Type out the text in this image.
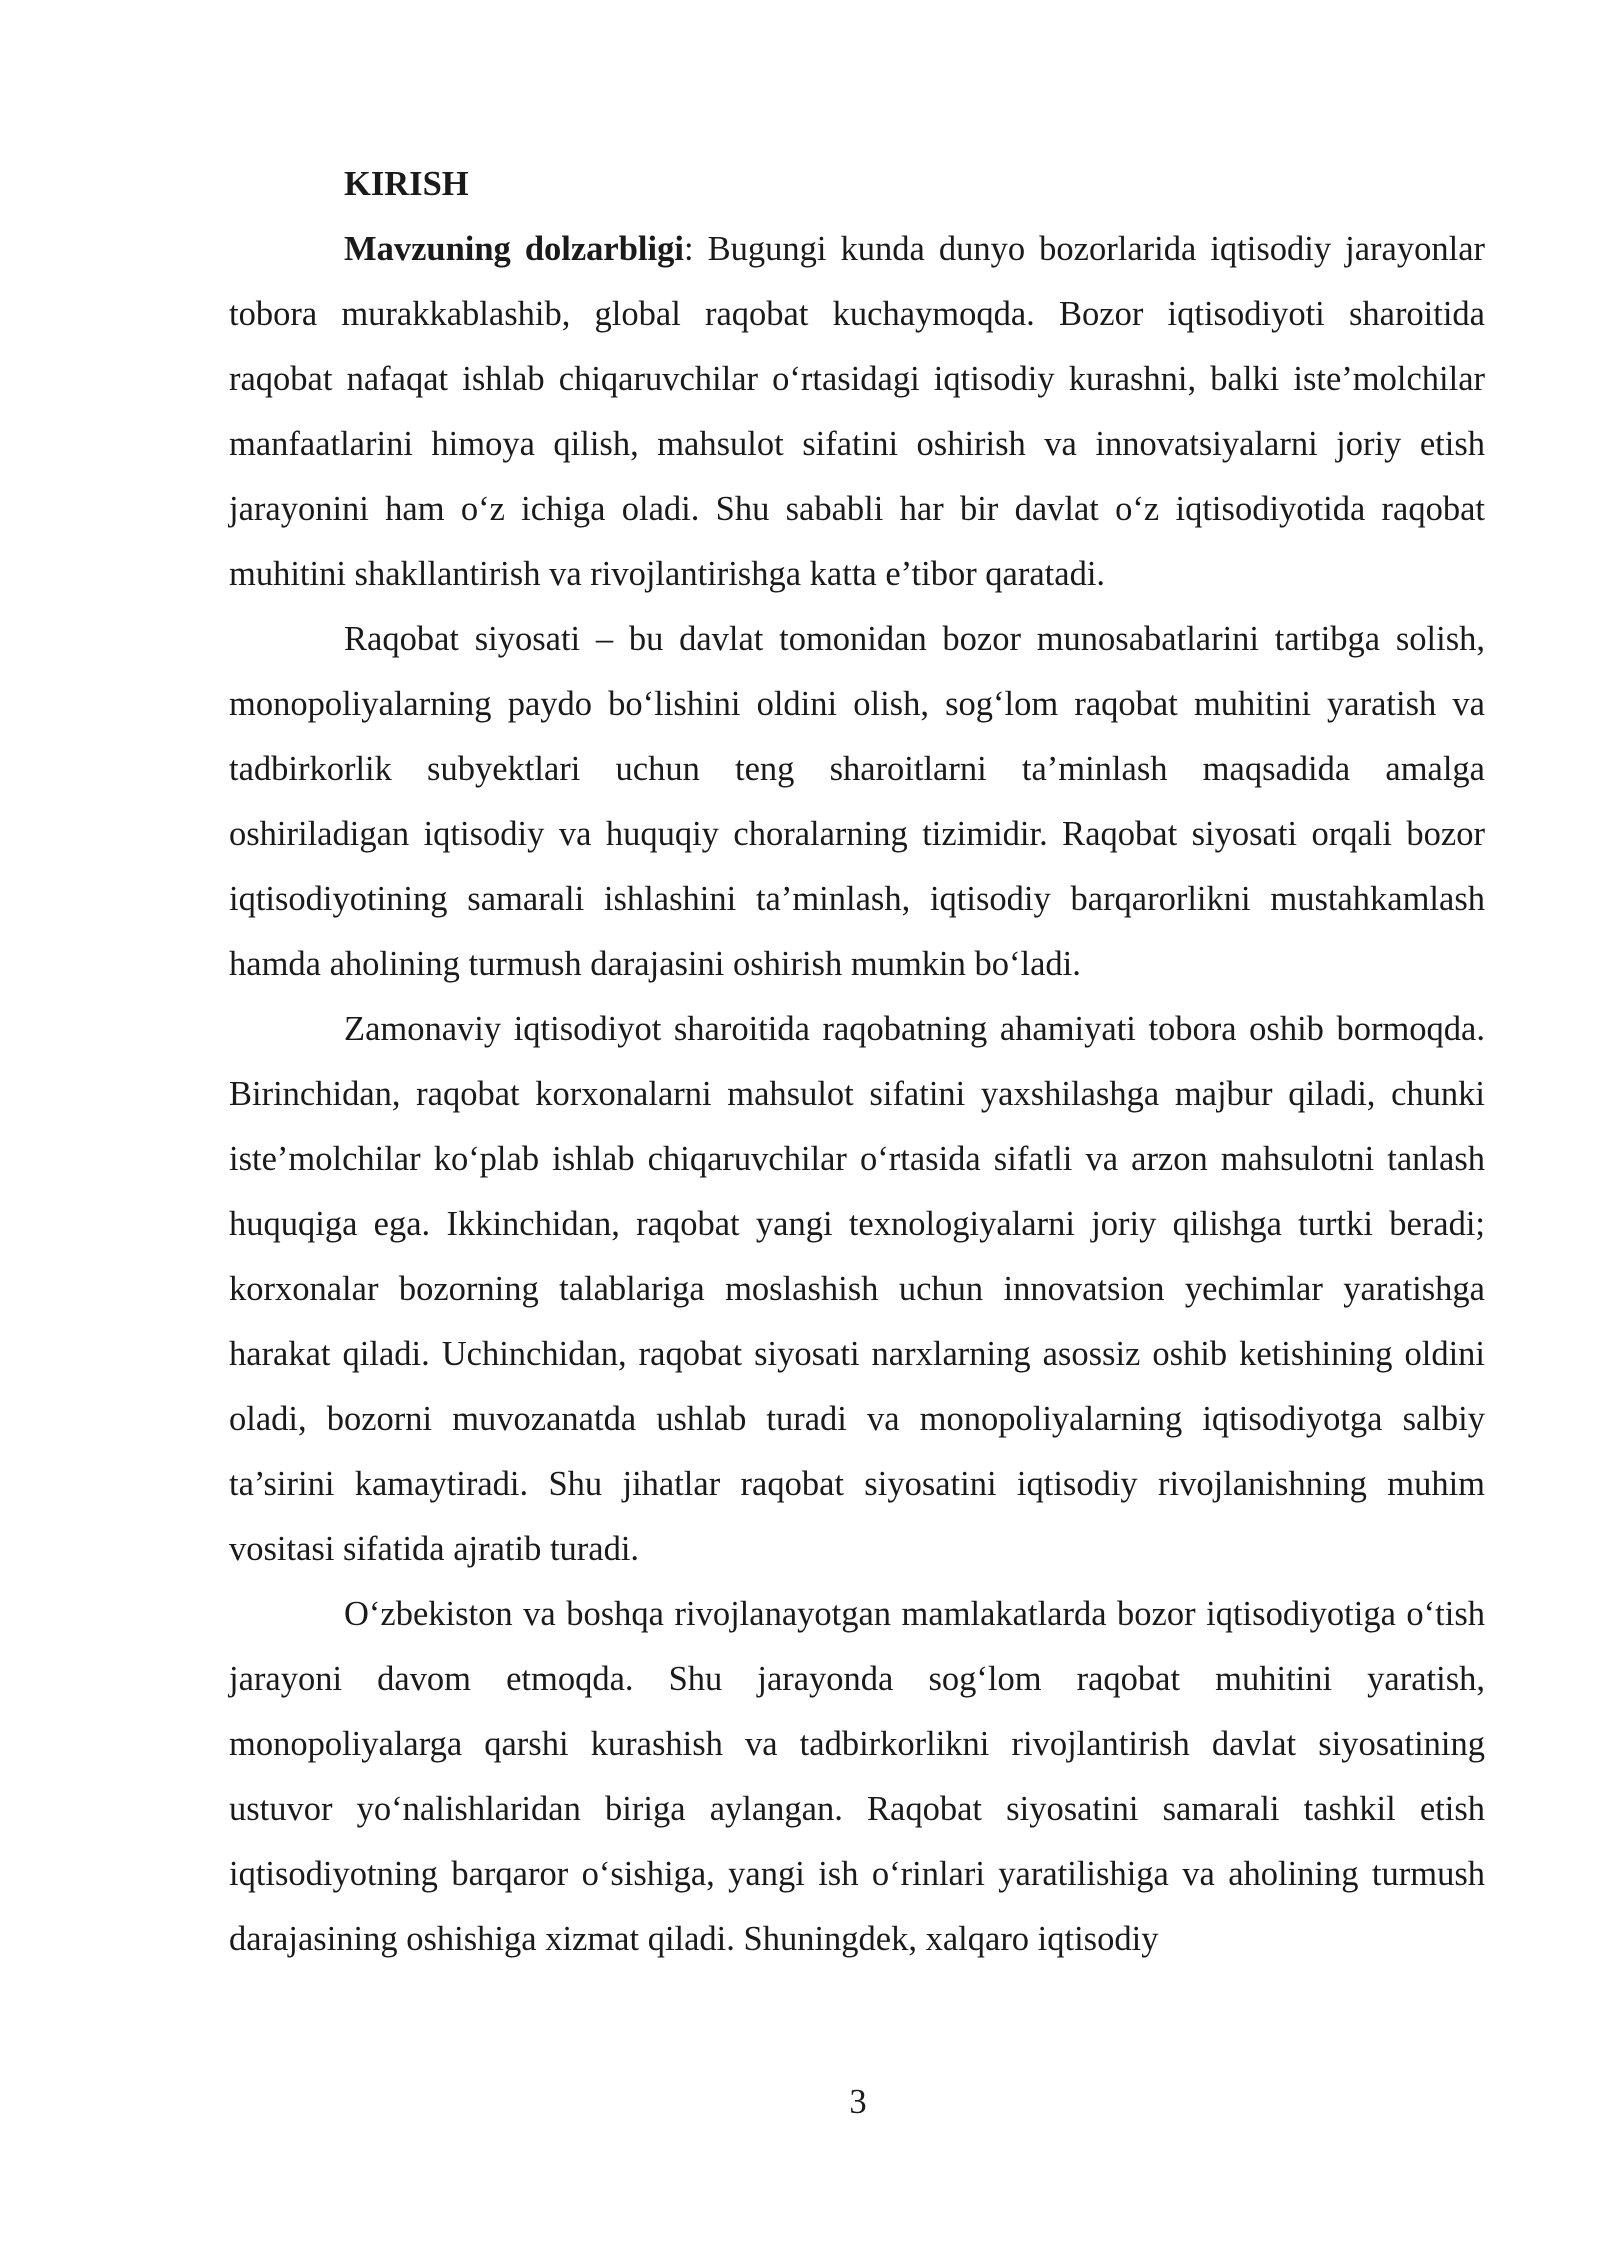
KIRISH

Mavzuning dolzarbligi: Bugungi kunda dunyo bozorlarida iqtisodiy jarayonlar tobora murakkablashib, global raqobat kuchaymoqda. Bozor iqtisodiyoti sharoitida raqobat nafaqat ishlab chiqaruvchilar o‘rtasidagi iqtisodiy kurashni, balki iste’molchilar manfaatlarini himoya qilish, mahsulot sifatini oshirish va innovatsiyalarni joriy etish jarayonini ham o‘z ichiga oladi. Shu sababli har bir davlat o‘z iqtisodiyotida raqobat muhitini shakllantirish va rivojlantirishga katta e’tibor qaratadi.

Raqobat siyosati – bu davlat tomonidan bozor munosabatlarini tartibga solish, monopoliyalarning paydo bo‘lishini oldini olish, sog‘lom raqobat muhitini yaratish va tadbirkorlik subyektlari uchun teng sharoitlarni ta’minlash maqsadida amalga oshiriladigan iqtisodiy va huquqiy choralarning tizimidir. Raqobat siyosati orqali bozor iqtisodiyotining samarali ishlashini ta’minlash, iqtisodiy barqarorlikni mustahkamlash hamda aholining turmush darajasini oshirish mumkin bo‘ladi.

Zamonaviy iqtisodiyot sharoitida raqobatning ahamiyati tobora oshib bormoqda. Birinchidan, raqobat korxonalarni mahsulot sifatini yaxshilashga majbur qiladi, chunki iste’molchilar ko‘plab ishlab chiqaruvchilar o‘rtasida sifatli va arzon mahsulotni tanlash huquqiga ega. Ikkinchidan, raqobat yangi texnologiyalarni joriy qilishga turtki beradi; korxonalar bozorning talablariga moslashish uchun innovatsion yechimlar yaratishga harakat qiladi. Uchinchidan, raqobat siyosati narxlarning asossiz oshib ketishining oldini oladi, bozorni muvozanatda ushlab turadi va monopoliyalarning iqtisodiyotga salbiy ta’sirini kamaytiradi. Shu jihatlar raqobat siyosatini iqtisodiy rivojlanishning muhim vositasi sifatida ajratib turadi.

O‘zbekiston va boshqa rivojlanayotgan mamlakatlarda bozor iqtisodiyotiga o‘tish jarayoni davom etmoqda. Shu jarayonda sog‘lom raqobat muhitini yaratish, monopoliyalarga qarshi kurashish va tadbirkorlikni rivojlantirish davlat siyosatining ustuvor yo‘nalishlaridan biriga aylangan. Raqobat siyosatini samarali tashkil etish iqtisodiyotning barqaror o‘sishiga, yangi ish o‘rinlari yaratilishiga va aholining turmush darajasining oshishiga xizmat qiladi. Shuningdek, xalqaro iqtisodiy

3
